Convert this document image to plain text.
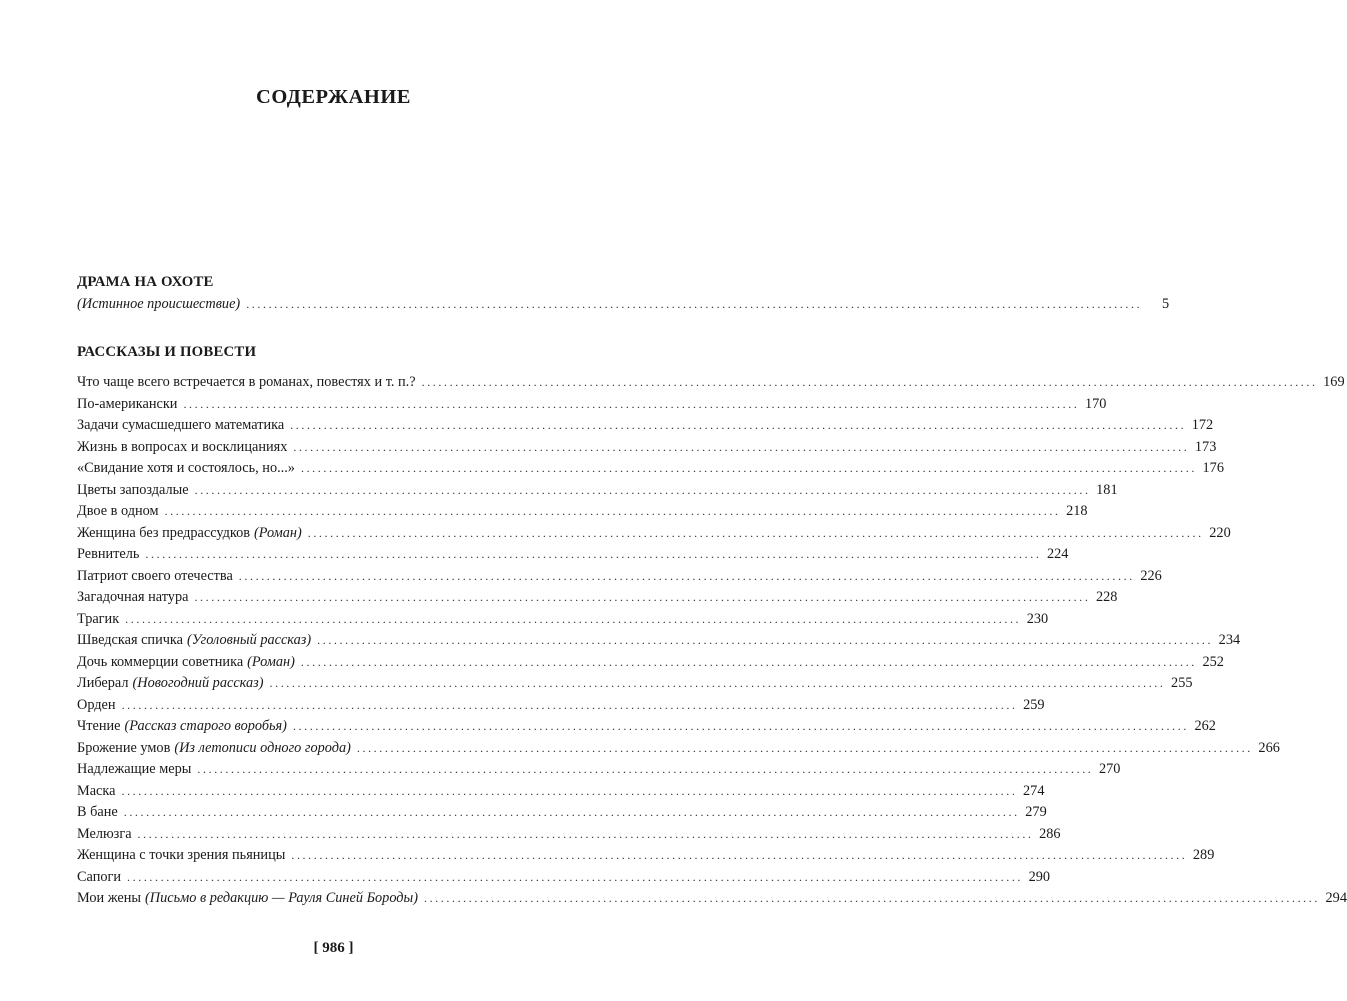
СОДЕРЖАНИЕ
ДРАМА НА ОХОТЕ
(Истинное происшествие) ................................................................................................................................................................	5
РАССКАЗЫ И ПОВЕСТИ
Что чаще всего встречается в романах, повестях и т. п.? ................................................................................................................................................................ 169
По-американски ................................................................................................................................................................ 170
Задачи сумасшедшего математика ................................................................................................................................................................ 172
Жизнь в вопросах и восклицаниях ................................................................................................................................................................ 173
«Свидание хотя и состоялось, но...» ................................................................................................................................................................ 176
Цветы запоздалые ................................................................................................................................................................ 181
Двое в одном ................................................................................................................................................................ 218
Женщина без предрассудков (Роман) ................................................................................................................................................................ 220
Ревнитель ................................................................................................................................................................ 224
Патриот своего отечества ................................................................................................................................................................ 226
Загадочная натура ................................................................................................................................................................ 228
Трагик ................................................................................................................................................................ 230
Шведская спичка (Уголовный рассказ) ................................................................................................................................................................ 234
Дочь коммерции советника (Роман) ................................................................................................................................................................ 252
Либерал (Новогодний рассказ) ................................................................................................................................................................ 255
Орден ................................................................................................................................................................ 259
Чтение (Рассказ старого воробья) ................................................................................................................................................................ 262
Брожение умов (Из летописи одного города) ................................................................................................................................................................ 266
Надлежащие меры ................................................................................................................................................................ 270
Маска ................................................................................................................................................................ 274
В бане ................................................................................................................................................................ 279
Мелюзга ................................................................................................................................................................ 286
Женщина с точки зрения пьяницы ................................................................................................................................................................ 289
Сапоги ................................................................................................................................................................ 290
Мои жены (Письмо в редакцию — Рауля Синей Бороды) ................................................................................................................................................................ 294
[ 986 ]
